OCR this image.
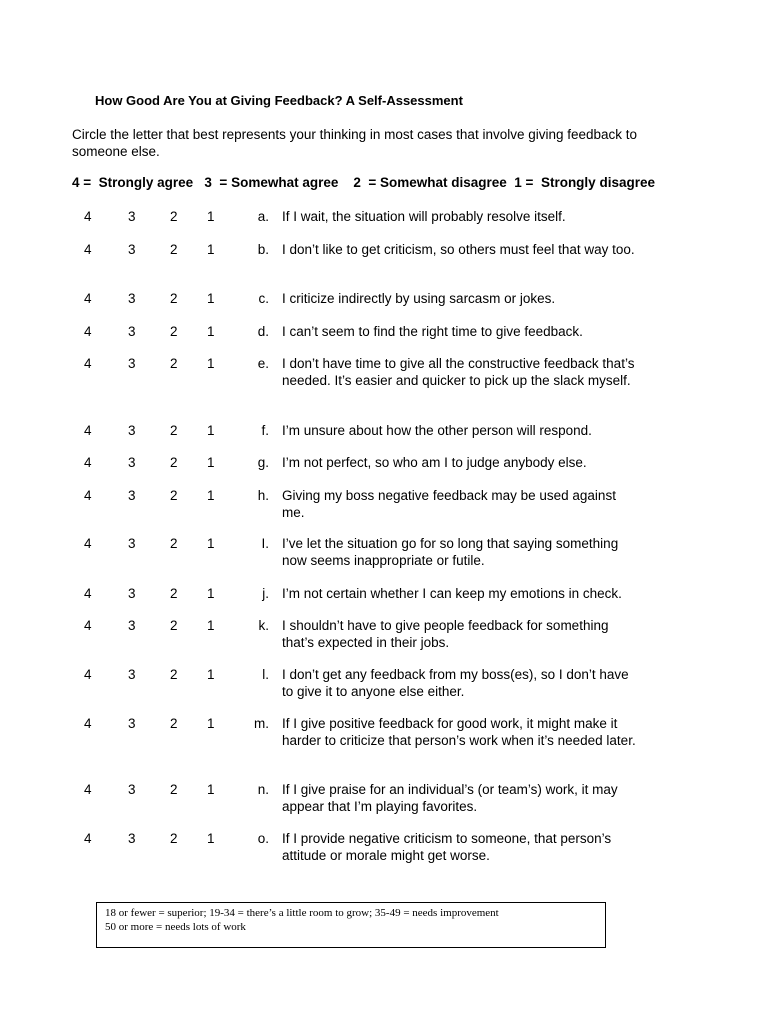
How Good Are You at Giving Feedback? A Self-Assessment
Circle the letter that best represents your thinking in most cases that involve giving feedback to someone else.
4 =  Strongly agree   3  = Somewhat agree    2  = Somewhat disagree  1 =  Strongly disagree
4	3	2 1	a. If I wait, the situation will probably resolve itself.
4	3	2 1	b. I don’t like to get criticism, so others must feel that way too.
4	3	2 1	c. I criticize indirectly by using sarcasm or jokes.
4	3	2 1	d. I can’t seem to find the right time to give feedback.
4	3	2 1	e. I don’t have time to give all the constructive feedback that’s needed. It’s easier and quicker to pick up the slack myself.
4	3	2 1	f. I’m unsure about how the other person will respond.
4	3	2 1	g. I’m not perfect, so who am I to judge anybody else.
4	3	2 1	h. Giving my boss negative feedback may be used against me.
4	3	2 1	I. I’ve let the situation go for so long that saying something now seems inappropriate or futile.
4	3	2 1	j. I’m not certain whether I can keep my emotions in check.
4	3	2 1	k. I shouldn’t have to give people feedback for something that’s expected in their jobs.
4	3	2 1	l. I don’t get any feedback from my boss(es), so I don’t have to give it to anyone else either.
4	3	2 1	m. If I give positive feedback for good work, it might make it harder to criticize that person’s work when it’s needed later.
4	3	2 1	n. If I give praise for an individual’s (or team’s) work, it may appear that I’m playing favorites.
4	3	2 1	o. If I provide negative criticism to someone, that person’s attitude or morale might get worse.
18 or fewer = superior; 19-34 = there’s a little room to grow; 35-49 = needs improvement
50 or more = needs lots of work
